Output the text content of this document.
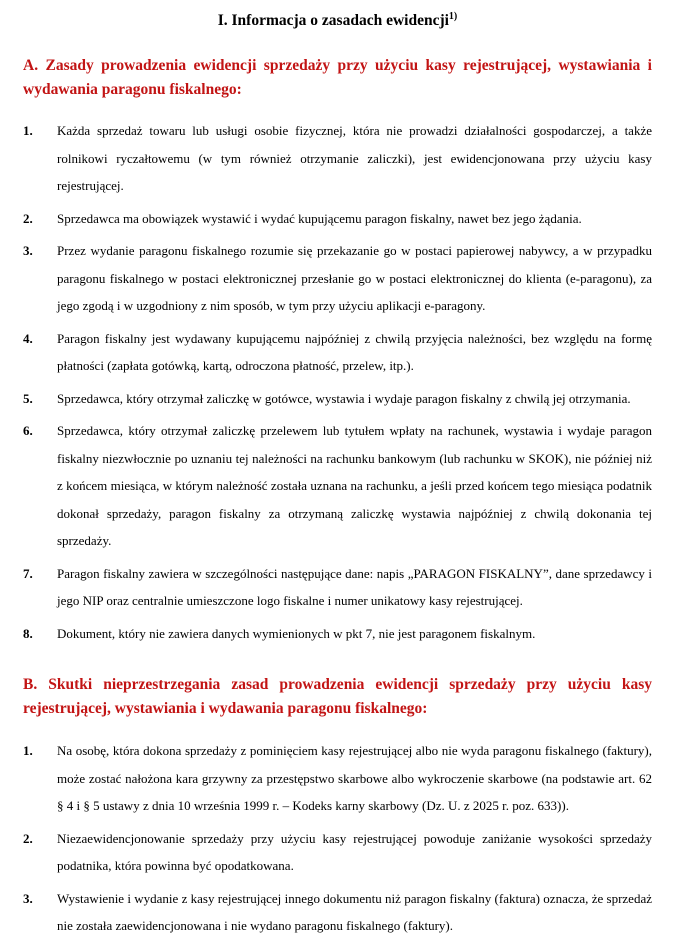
I. Informacja o zasadach ewidencji$^{1)}$
A. Zasady prowadzenia ewidencji sprzedaży przy użyciu kasy rejestrującej, wystawiania i wydawania paragonu fiskalnego:
1.	Każda sprzedaż towaru lub usługi osobie fizycznej, która nie prowadzi działalności gospodarczej, a także rolnikowi ryczałtowemu (w tym również otrzymanie zaliczki), jest ewidencjonowana przy użyciu kasy rejestrującej.
2.	Sprzedawca ma obowiązek wystawić i wydać kupującemu paragon fiskalny, nawet bez jego żądania.
3.	Przez wydanie paragonu fiskalnego rozumie się przekazanie go w postaci papierowej nabywcy, a w przypadku paragonu fiskalnego w postaci elektronicznej przesłanie go w postaci elektronicznej do klienta (e-paragonu), za jego zgodą i w uzgodniony z nim sposób, w tym przy użyciu aplikacji e-paragony.
4.	Paragon fiskalny jest wydawany kupującemu najpóźniej z chwilą przyjęcia należności, bez względu na formę płatności (zapłata gotówką, kartą, odroczona płatność, przelew, itp.).
5.	Sprzedawca, który otrzymał zaliczkę w gotówce, wystawia i wydaje paragon fiskalny z chwilą jej otrzymania.
6.	Sprzedawca, który otrzymał zaliczkę przelewem lub tytułem wpłaty na rachunek, wystawia i wydaje paragon fiskalny niezwłocznie po uznaniu tej należności na rachunku bankowym (lub rachunku w SKOK), nie później niż z końcem miesiąca, w którym należność została uznana na rachunku, a jeśli przed końcem tego miesiąca podatnik dokonał sprzedaży, paragon fiskalny za otrzymaną zaliczkę wystawia najpóźniej z chwilą dokonania tej sprzedaży.
7.	Paragon fiskalny zawiera w szczególności następujące dane: napis „PARAGON FISKALNY”, dane sprzedawcy i jego NIP oraz centralnie umieszczone logo fiskalne i numer unikatowy kasy rejestrującej.
8.	Dokument, który nie zawiera danych wymienionych w pkt 7, nie jest paragonem fiskalnym.
B. Skutki nieprzestrzegania zasad prowadzenia ewidencji sprzedaży przy użyciu kasy rejestrującej, wystawiania i wydawania paragonu fiskalnego:
1.	Na osobę, która dokona sprzedaży z pominięciem kasy rejestrującej albo nie wyda paragonu fiskalnego (faktury), może zostać nałożona kara grzywny za przestępstwo skarbowe albo wykroczenie skarbowe (na podstawie art. 62 § 4 i § 5 ustawy z dnia 10 września 1999 r. – Kodeks karny skarbowy (Dz. U. z 2025 r. poz. 633)).
2.	Niezaewidencjonowanie sprzedaży przy użyciu kasy rejestrującej powoduje zaniżanie wysokości sprzedaży podatnika, która powinna być opodatkowana.
3.	Wystawienie i wydanie z kasy rejestrującej innego dokumentu niż paragon fiskalny (faktura) oznacza, że sprzedaż nie została zaewidencjonowana i nie wydano paragonu fiskalnego (faktury).
